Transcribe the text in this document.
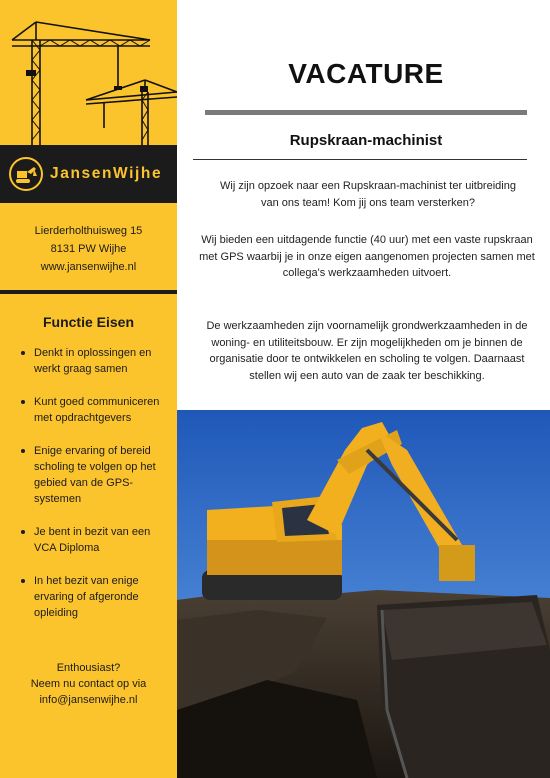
JansenWijhe
Lierderholthuisweg 15
8131 PW Wijhe
www.jansenwijhe.nl
Functie Eisen
Denkt in oplossingen en werkt graag samen
Kunt goed communiceren met opdrachtgevers
Enige ervaring of bereid scholing te volgen op het gebied van de GPS-systemen
Je bent in bezit van een VCA Diploma
In het bezit van enige ervaring of afgeronde opleiding
Enthousiast?
Neem nu contact op via
info@jansenwijhe.nl
VACATURE
Rupskraan-machinist
Wij zijn opzoek naar een Rupskraan-machinist ter uitbreiding van ons team! Kom jij ons team versterken?
Wij bieden een uitdagende functie (40 uur) met een vaste rupskraan met GPS waarbij je in onze eigen aangenomen projecten samen met collega's werkzaamheden uitvoert.
De werkzaamheden zijn voornamelijk grondwerkzaamheden in de woning- en utiliteitsbouw. Er zijn mogelijkheden om je binnen de organisatie door te ontwikkelen en scholing te volgen. Daarnaast stellen wij een auto van de zaak ter beschikking.
